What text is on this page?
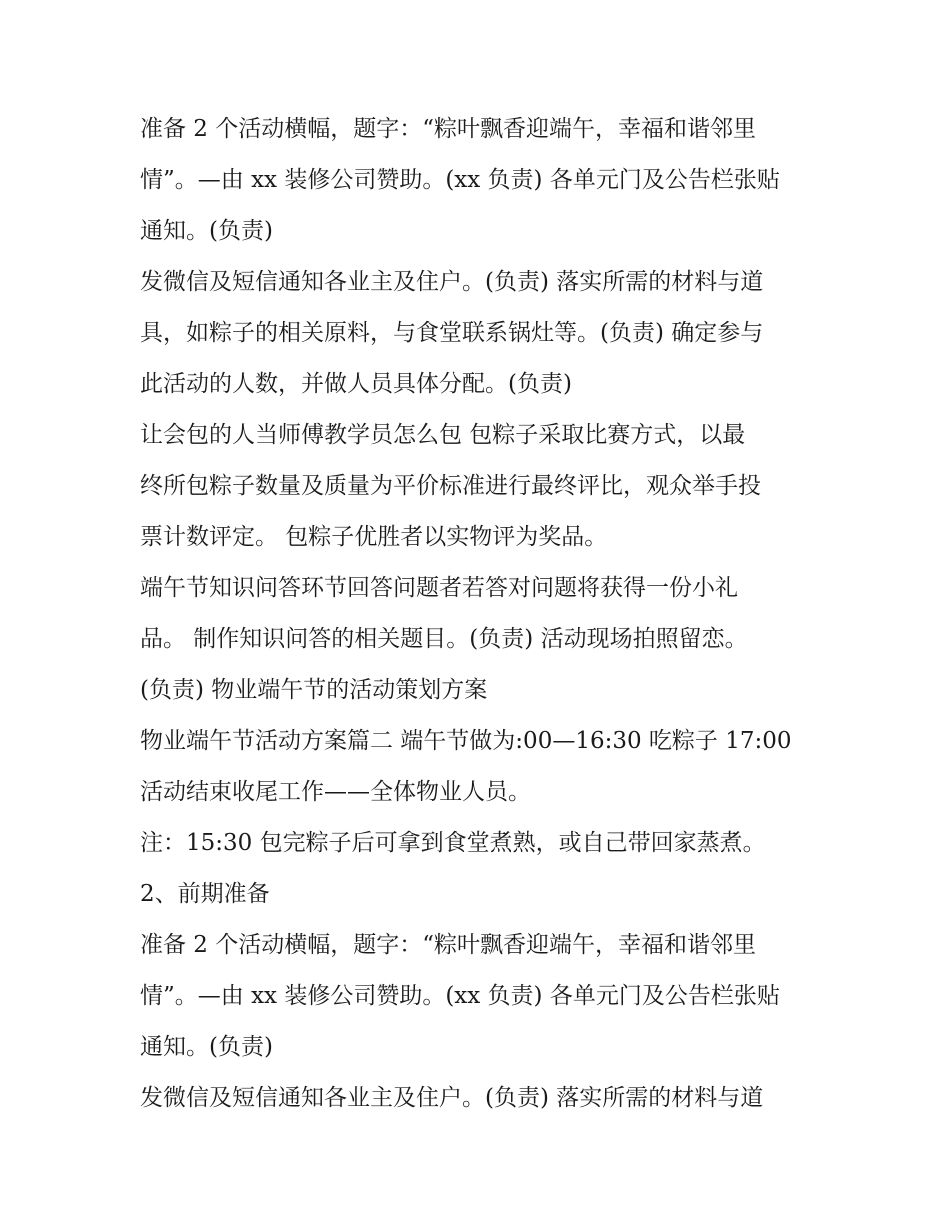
准备 2 个活动横幅，题字：“粽叶飘香迎端午，幸福和谐邻里
情”。—由 xx 装修公司赞助。(xx 负责) 各单元门及公告栏张贴
通知。(负责)

发微信及短信通知各业主及住户。(负责) 落实所需的材料与道
具，如粽子的相关原料，与食堂联系锅灶等。(负责) 确定参与
此活动的人数，并做人员具体分配。(负责)

让会包的人当师傅教学员怎么包 包粽子采取比赛方式，以最
终所包粽子数量及质量为平价标准进行最终评比，观众举手投
票计数评定。 包粽子优胜者以实物评为奖品。

端午节知识问答环节回答问题者若答对问题将获得一份小礼
品。 制作知识问答的相关题目。(负责) 活动现场拍照留恋。

(负责) 物业端午节的活动策划方案

物业端午节活动方案篇二 端午节做为:00—16:30 吃粽子 17:00
活动结束收尾工作——全体物业人员。

注：15:30 包完粽子后可拿到食堂煮熟，或自己带回家蒸煮。

2、前期准备

准备 2 个活动横幅，题字：“粽叶飘香迎端午，幸福和谐邻里
情”。—由 xx 装修公司赞助。(xx 负责) 各单元门及公告栏张贴
通知。(负责)

发微信及短信通知各业主及住户。(负责) 落实所需的材料与道
